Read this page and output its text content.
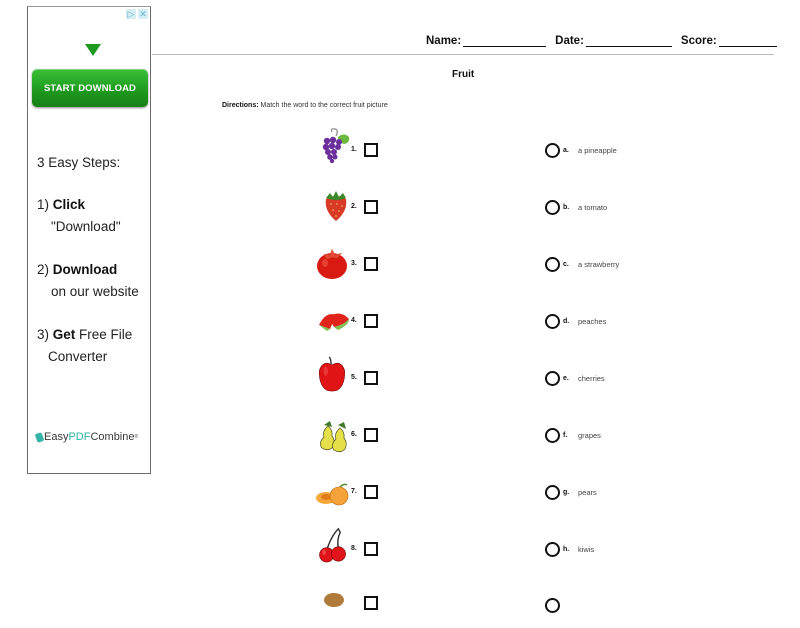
▷ ✕
START DOWNLOAD
3 Easy Steps:
1) Click
"Download"
2) Download
on our website
3) Get Free File
Converter
Easy PDF Combine ®
Name:	Date:	Score:
Fruit
Directions: Match the word to the correct fruit picture
1.
2.
3.
4.
5.
6.
7.
8.
a.	a pineapple
b.	a tomato
c.	a strawberry
d.	peaches
e.	cherries
f.	grapes
g.	pears
h.	kiwis
